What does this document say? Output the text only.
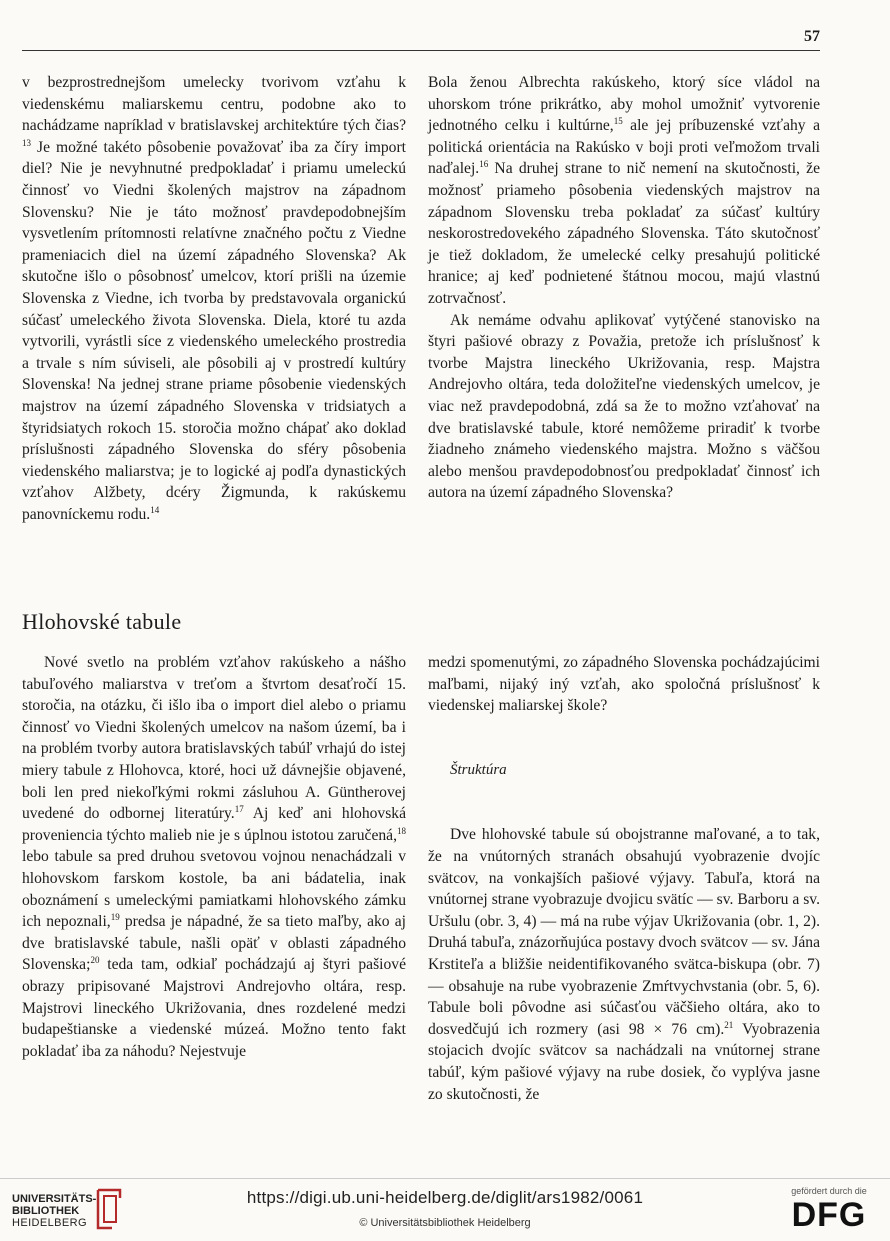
57

v bezprostrednejšom umelecky tvorivom vzťahu k viedenskému maliarskemu centru, podobne ako to nachádzame napríklad v bratislavskej architektúre tých čias?$^{13}$ Je možné takéto pôsobenie považovať iba za číry import diel? Nie je nevyhnutné predpokladať i priamu umeleckú činnosť vo Viedni školených majstrov na západnom Slovensku? Nie je táto možnosť pravdepodobnejším vysvetlením prítomnosti relatívne značného počtu z Viedne prameniacich diel na území západného Slovenska? Ak skutočne išlo o pôsobnosť umelcov, ktorí prišli na územie Slovenska z Viedne, ich tvorba by predstavovala organickú súčasť umeleckého života Slovenska. Diela, ktoré tu azda vytvorili, vyrástli síce z viedenského umeleckého prostredia a trvale s ním súviseli, ale pôsobili aj v prostredí kultúry Slovenska! Na jednej strane priame pôsobenie viedenských majstrov na území západného Slovenska v tridsiatych a štyridsiatych rokoch 15. storočia možno chápať ako doklad príslušnosti západného Slovenska do sféry pôsobenia viedenského maliarstva; je to logické aj podľa dynastických vzťahov Alžbety, dcéry Žigmunda, k rakúskemu panovníckemu rodu.$^{14}$

Bola ženou Albrechta rakúskeho, ktorý síce vládol na uhorskom tróne prikrátko, aby mohol umožniť vytvorenie jednotného celku i kultúrne,$^{15}$ ale jej príbuzenské vzťahy a politická orientácia na Rakúsko v boji proti veľmožom trvali naďalej.$^{16}$ Na druhej strane to nič nemení na skutočnosti, že možnosť priameho pôsobenia viedenských majstrov na západnom Slovensku treba pokladať za súčasť kultúry neskorostredovekého západného Slovenska. Táto skutočnosť je tiež dokladom, že umelecké celky presahujú politické hranice; aj keď podnietené štátnou mocou, majú vlastnú zotrvačnosť.

Ak nemáme odvahu aplikovať vytýčené stanovisko na štyri pašiové obrazy z Považia, pretože ich príslušnosť k tvorbe Majstra lineckého Ukrižovania, resp. Majstra Andrejovho oltára, teda doložiteľne viedenských umelcov, je viac než pravdepodobná, zdá sa že to možno vzťahovať na dve bratislavské tabule, ktoré nemôžeme priradiť k tvorbe žiadneho známeho viedenského majstra. Možno s väčšou alebo menšou pravdepodobnosťou predpokladať činnosť ich autora na území západného Slovenska?

Hlohovské tabule

Nové svetlo na problém vzťahov rakúskeho a nášho tabuľového maliarstva v treťom a štvrtom desaťročí 15. storočia, na otázku, či išlo iba o import diel alebo o priamu činnosť vo Viedni školených umelcov na našom území, ba i na problém tvorby autora bratislavských tabúľ vrhajú do istej miery tabule z Hlohovca, ktoré, hoci už dávnejšie objavené, boli len pred niekoľkými rokmi zásluhou A. Güntherovej uvedené do odbornej literatúry.$^{17}$ Aj keď ani hlohovská proveniencia týchto malieb nie je s úplnou istotou zaručená,$^{18}$ lebo tabule sa pred druhou svetovou vojnou nenachádzali v hlohovskom farskom kostole, ba ani bádatelia, inak oboznámení s umeleckými pamiatkami hlohovského zámku ich nepoznali,$^{19}$ predsa je nápadné, že sa tieto maľby, ako aj dve bratislavské tabule, našli opäť v oblasti západného Slovenska;$^{20}$ teda tam, odkiaľ pochádzajú aj štyri pašiové obrazy pripisované Majstrovi Andrejovho oltára, resp. Majstrovi lineckého Ukrižovania, dnes rozdelené medzi budapeštianske a viedenské múzeá. Možno tento fakt pokladať iba za náhodu? Nejestvuje

medzi spomenutými, zo západného Slovenska pochádzajúcimi maľbami, nijaký iný vzťah, ako spoločná príslušnosť k viedenskej maliarskej škole?

Štruktúra

Dve hlohovské tabule sú obojstranne maľované, a to tak, že na vnútorných stranách obsahujú vyobrazenie dvojíc svätcov, na vonkajších pašiové výjavy. Tabuľa, ktorá na vnútornej strane vyobrazuje dvojicu svätíc — sv. Barboru a sv. Uršulu (obr. 3, 4) — má na rube výjav Ukrižovania (obr. 1, 2). Druhá tabuľa, znázorňujúca postavy dvoch svätcov — sv. Jána Krstiteľa a bližšie neidentifikovaného svätca-biskupa (obr. 7) — obsahuje na rube vyobrazenie Zmŕtvychvstania (obr. 5, 6). Tabule boli pôvodne asi súčasťou väčšieho oltára, ako to dosvedčujú ich rozmery (asi 98 × 76 cm).$^{21}$ Vyobrazenia stojacich dvojíc svätcov sa nachádzali na vnútornej strane tabúľ, kým pašiové výjavy na rube dosiek, čo vyplýva jasne zo skutočnosti, že

UNIVERSITÄTS-
BIBLIOTHEK
HEIDELBERG
https://digi.ub.uni-heidelberg.de/diglit/ars1982/0061
© Universitätsbibliothek Heidelberg
gefördert durch die
DFG
